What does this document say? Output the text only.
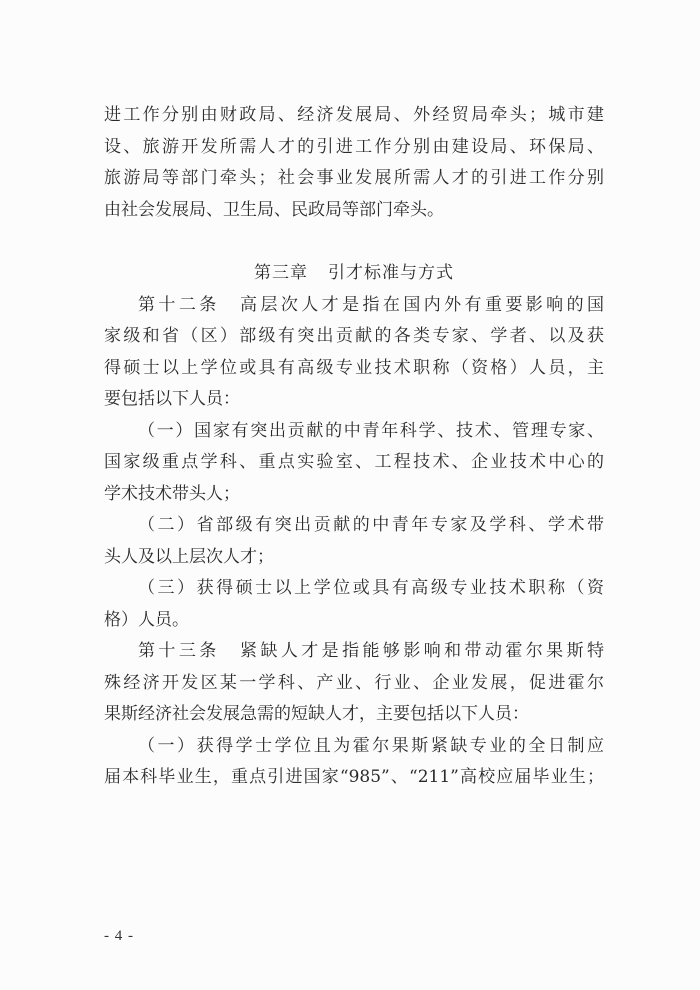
进工作分别由财政局、经济发展局、外经贸局牵头；城市建
设、旅游开发所需人才的引进工作分别由建设局、环保局、
旅游局等部门牵头；社会事业发展所需人才的引进工作分别
由社会发展局、卫生局、民政局等部门牵头。
第三章 引才标准与方式
第十二条　高层次人才是指在国内外有重要影响的国
家级和省（区）部级有突出贡献的各类专家、学者、以及获
得硕士以上学位或具有高级专业技术职称（资格）人员，主
要包括以下人员：
（一）国家有突出贡献的中青年科学、技术、管理专家、
国家级重点学科、重点实验室、工程技术、企业技术中心的
学术技术带头人；
（二）省部级有突出贡献的中青年专家及学科、学术带
头人及以上层次人才；
（三）获得硕士以上学位或具有高级专业技术职称（资
格）人员。
第十三条　紧缺人才是指能够影响和带动霍尔果斯特
殊经济开发区某一学科、产业、行业、企业发展，促进霍尔
果斯经济社会发展急需的短缺人才，主要包括以下人员：
（一）获得学士学位且为霍尔果斯紧缺专业的全日制应
届本科毕业生，重点引进国家“985”、“211”高校应届毕业生；
- 4 -
